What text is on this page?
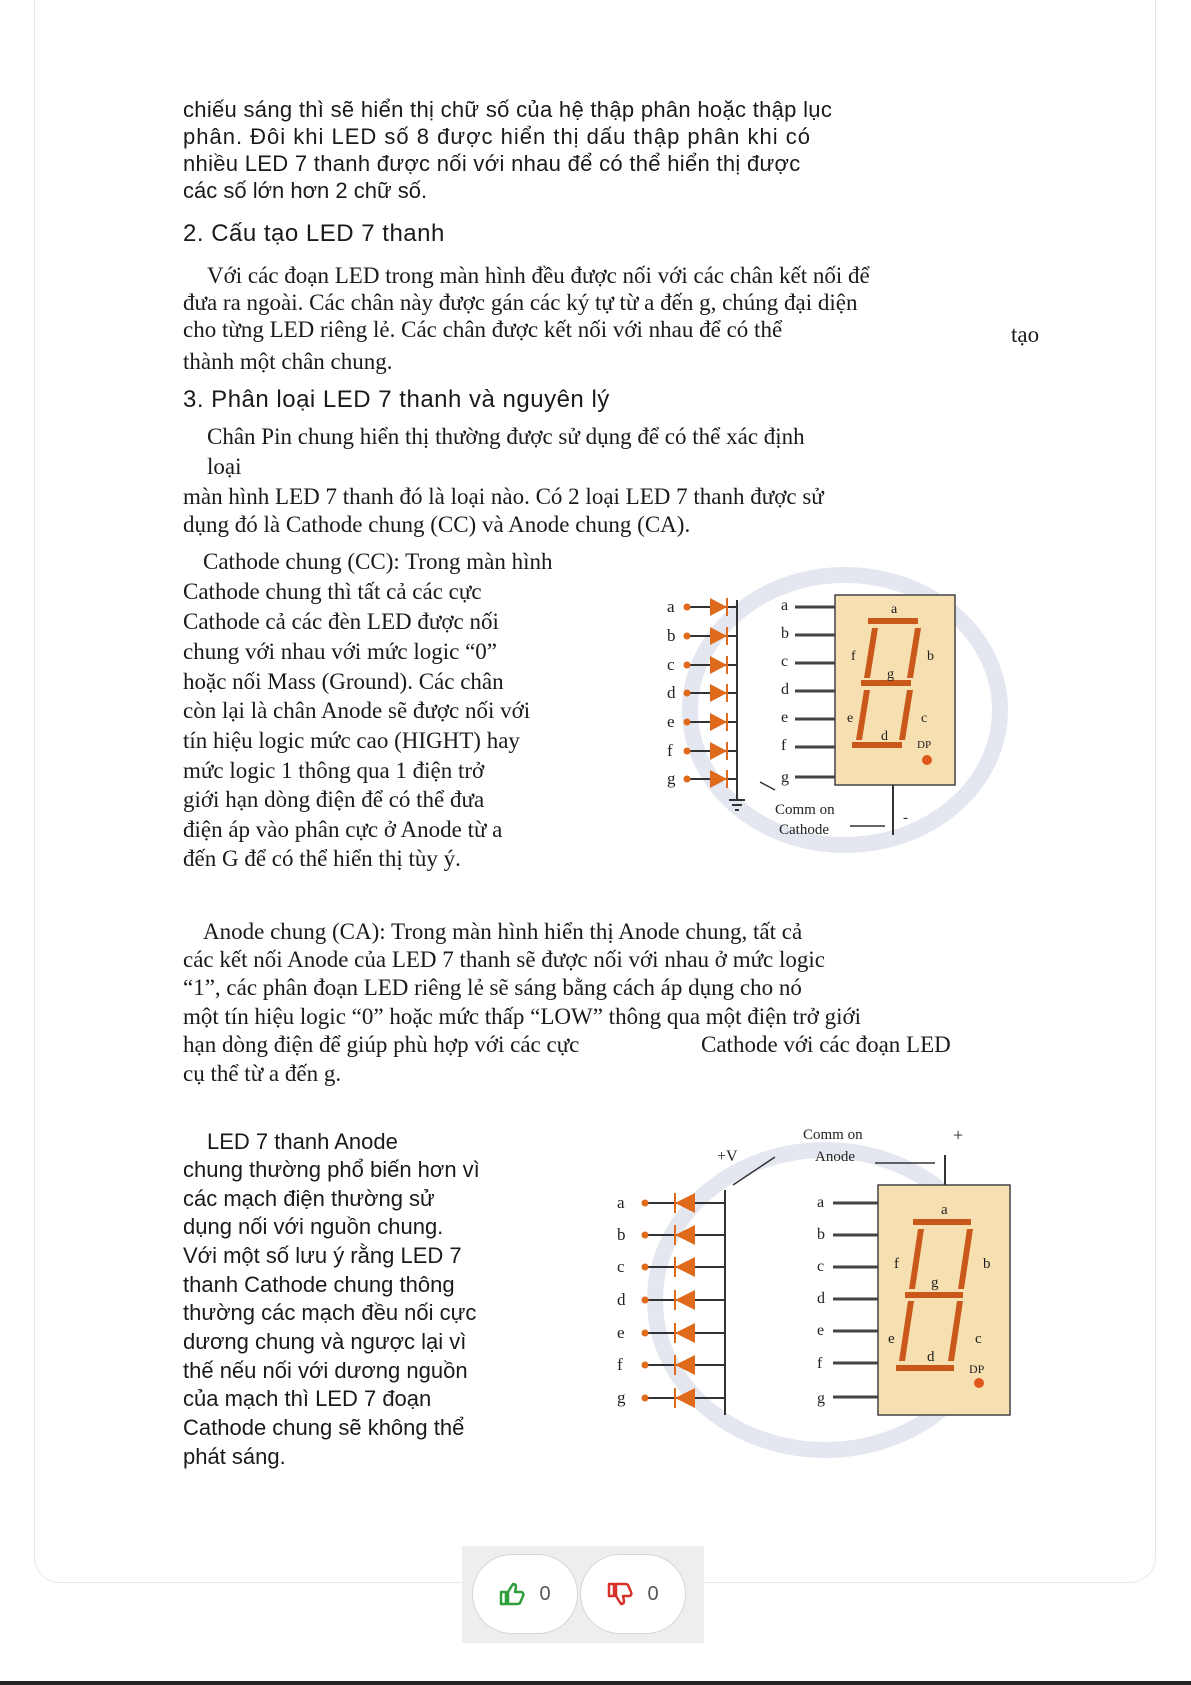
chiếu sáng thì sẽ hiển thị chữ số của hệ thập phân hoặc thập lục
phân. Đôi khi LED số 8 được hiển thị dấu thập phân khi có
nhiều LED 7 thanh được nối với nhau để có thể hiển thị được
các số lớn hơn 2 chữ số.
2. Cấu tạo LED 7 thanh
Với các đoạn LED trong màn hình đều được nối với các chân kết nối để
đưa ra ngoài. Các chân này được gán các ký tự từ a đến g, chúng đại diện
cho từng LED riêng lẻ. Các chân được kết nối với nhau để có thể	tạo
thành một chân chung.
3. Phân loại LED 7 thanh và nguyên lý
Chân Pin chung hiển thị thường được sử dụng để có thể xác định
loại
màn hình LED 7 thanh đó là loại nào. Có 2 loại LED 7 thanh được sử
dụng đó là Cathode chung (CC) và Anode chung (CA).
Cathode chung (CC): Trong màn hình
Cathode chung thì tất cả các cực
Cathode cả các đèn LED được nối
chung với nhau với mức logic “0”
hoặc nối Mass (Ground). Các chân
còn lại là chân Anode sẽ được nối với
tín hiệu logic mức cao (HIGHT) hay
mức logic 1 thông qua 1 điện trở
giới hạn dòng điện để có thể đưa
điện áp vào phân cực ở Anode từ a
đến G để có thể hiển thị tùy ý.
Anode chung (CA): Trong màn hình hiển thị Anode chung, tất cả
các kết nối Anode của LED 7 thanh sẽ được nối với nhau ở mức logic
“1”, các phân đoạn LED riêng lẻ sẽ sáng bằng cách áp dụng cho nó
một tín hiệu logic “0” hoặc mức thấp “LOW” thông qua một điện trở giới
hạn dòng điện để giúp phù hợp với các cực	Cathode với các đoạn LED
cụ thể từ a đến g.
LED 7 thanh Anode
chung thường phổ biến hơn vì
các mạch điện thường sử
dụng nối với nguồn chung.
Với một số lưu ý rằng LED 7
thanh Cathode chung thông
thường các mạch đều nối cực
dương chung và ngược lại vì
thế nếu nối với dương nguồn
của mạch thì LED 7 đoạn
Cathode chung sẽ không thể
phát sáng.
a
b
c
d
e
f
g
a
b
c
d
e
f
g
a
b
c
d
e
f
g
DP
Comm on
Cathode
-
a
b
c
d
e
f
g
+V
a
b
c
d
e
f
g
a
b
c
d
e
f
g
DP
Comm on
Anode
+
0	0
